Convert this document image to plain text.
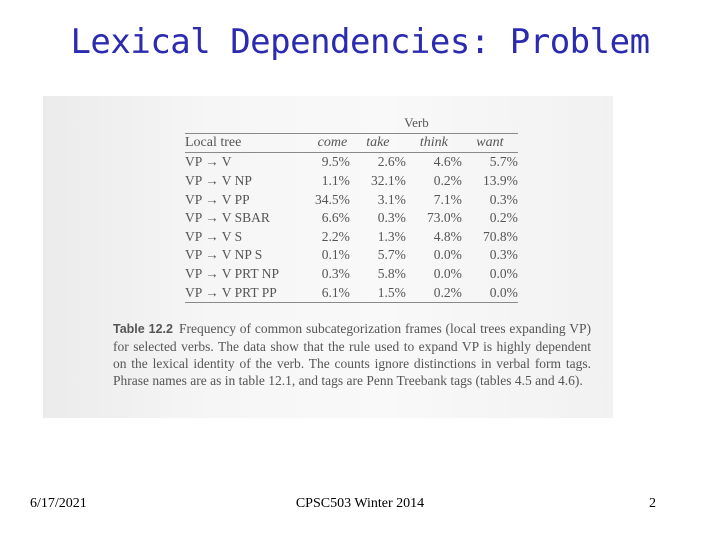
Lexical Dependencies: Problem
	Verb			
Local tree	come	take	think	want
VP → V	9.5%	2.6%	4.6%	5.7%
VP → V NP	1.1%	32.1%	0.2%	13.9%
VP → V PP	34.5%	3.1%	7.1%	0.3%
VP → V SBAR	6.6%	0.3%	73.0%	0.2%
VP → V S	2.2%	1.3%	4.8%	70.8%
VP → V NP S	0.1%	5.7%	0.0%	0.3%
VP → V PRT NP	0.3%	5.8%	0.0%	0.0%
VP → V PRT PP	6.1%	1.5%	0.2%	0.0%
Table 12.2 Frequency of common subcategorization frames (local trees expanding VP) for selected verbs. The data show that the rule used to expand VP is highly dependent on the lexical identity of the verb. The counts ignore distinctions in verbal form tags. Phrase names are as in table 12.1, and tags are Penn Treebank tags (tables 4.5 and 4.6).
6/17/2021	CPSC503 Winter 2014	2
